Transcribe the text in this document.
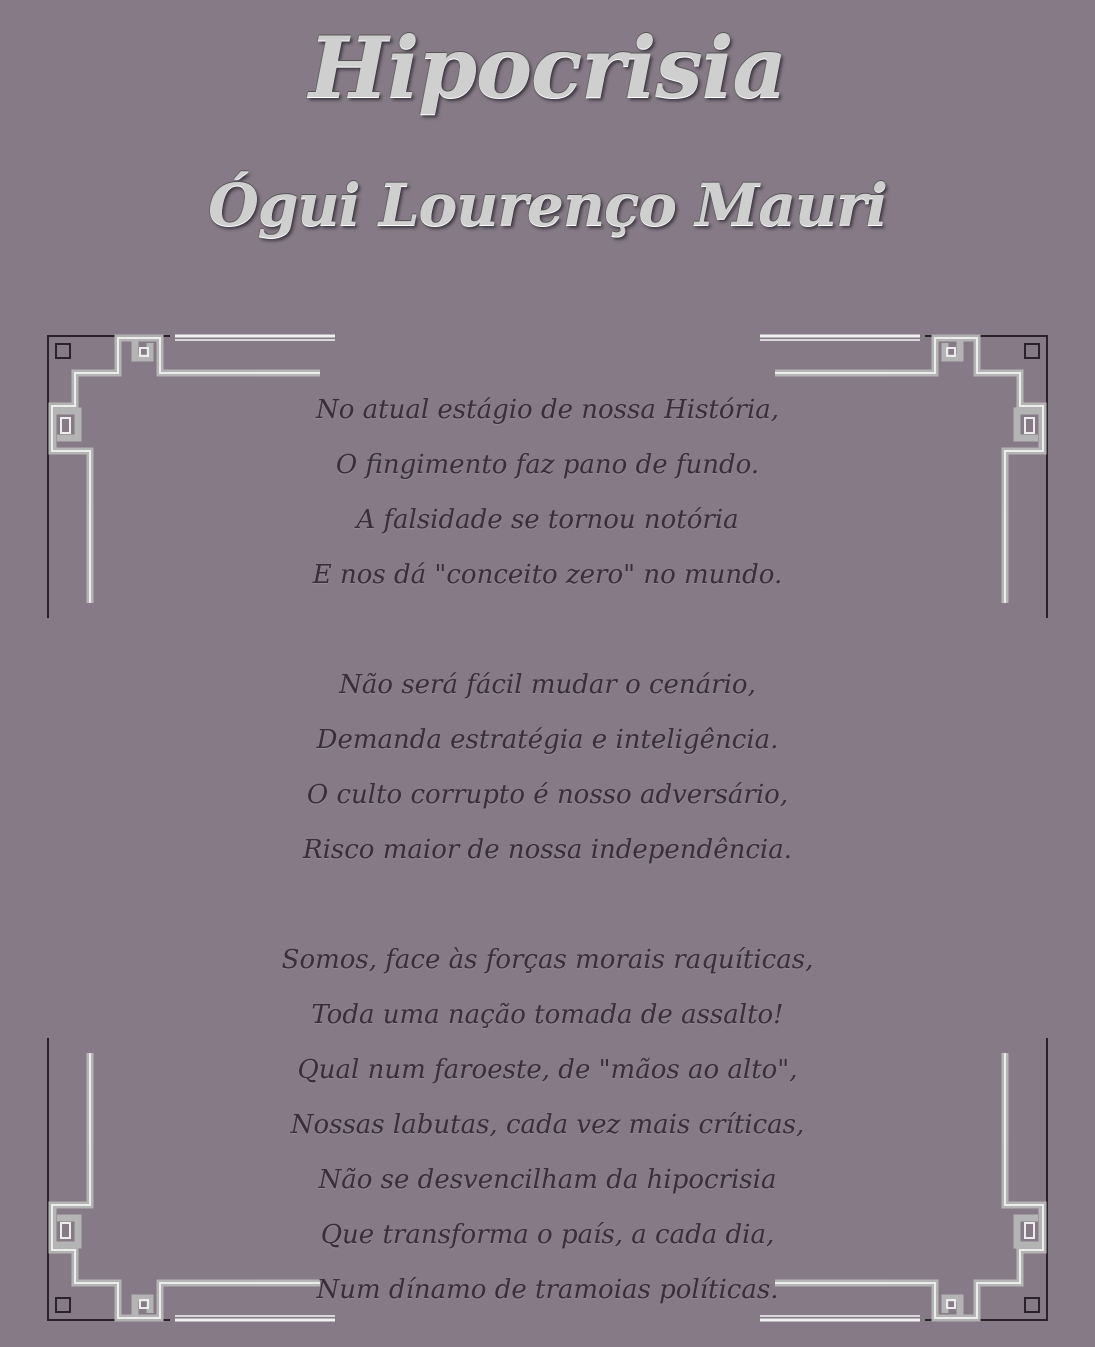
Hipocrisia
Ógui Lourenço Mauri
No atual estágio de nossa História,
O fingimento faz pano de fundo.
A falsidade se tornou notória
E nos dá "conceito zero" no mundo.
Não será fácil mudar o cenário,
Demanda estratégia e inteligência.
O culto corrupto é nosso adversário,
Risco maior de nossa independência.
Somos, face às forças morais raquíticas,
Toda uma nação tomada de assalto!
Qual num faroeste, de "mãos ao alto",
Nossas labutas, cada vez mais críticas,
Não se desvencilham da hipocrisia
Que transforma o país, a cada dia,
Num dínamo de tramoias políticas.
